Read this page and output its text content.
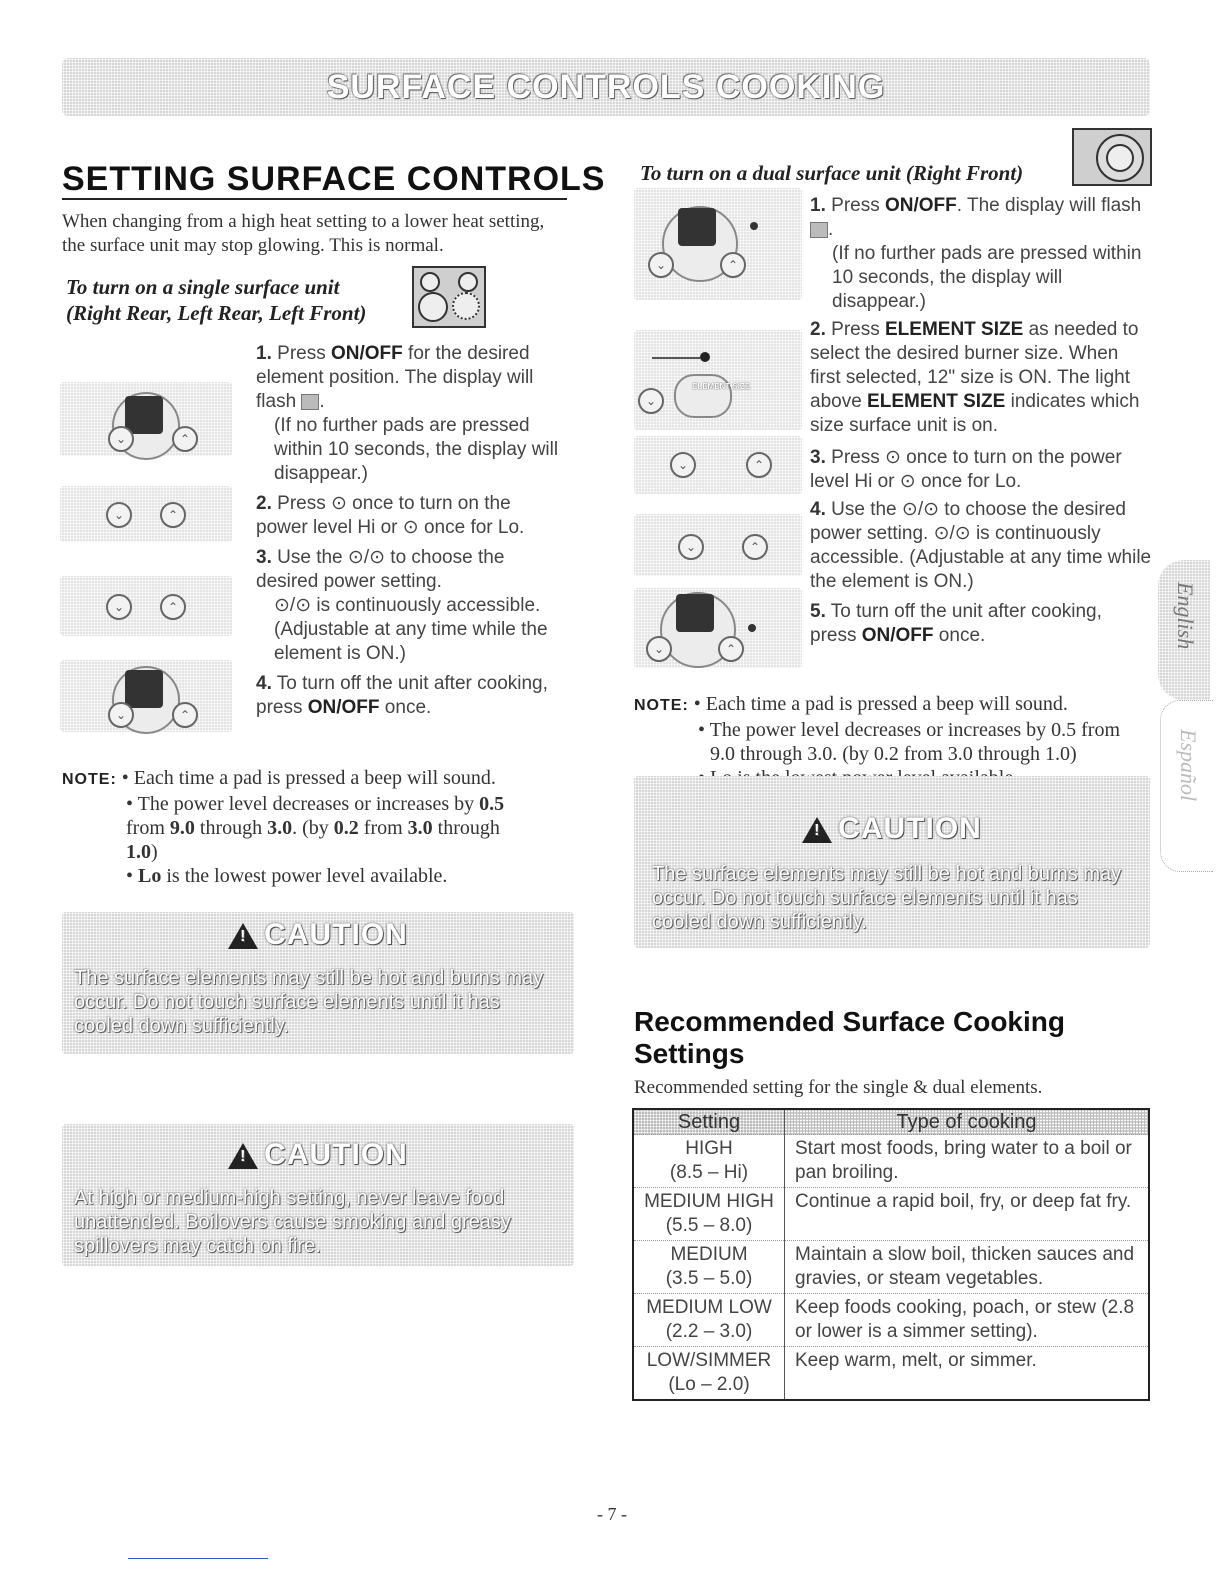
SURFACE CONTROLS COOKING
SETTING SURFACE CONTROLS
When changing from a high heat setting to a lower heat setting, the surface unit may stop glowing. This is normal.
To turn on a single surface unit
(Right Rear, Left Rear, Left Front)
⌄	⌃
⌄	⌃
⌄	⌃
⌄	⌃
1. Press ON/OFF for the desired element position. The display will flash .
(If no further pads are pressed within 10 seconds, the display will disappear.)
2. Press ⊙ once to turn on the power level Hi or ⊙ once for Lo.
3. Use the ⊙/⊙ to choose the desired power setting.
⊙/⊙ is continuously accessible. (Adjustable at any time while the element is ON.)
4. To turn off the unit after cooking, press ON/OFF once.
NOTE: • Each time a pad is pressed a beep will sound.
• The power level decreases or increases by 0.5
from 9.0 through 3.0. (by 0.2 from 3.0 through
1.0)
• Lo is the lowest power level available.
! CAUTION
The surface elements may still be hot and burns may occur. Do not touch surface elements until it has cooled down sufficiently.
! CAUTION
At high or medium-high setting, never leave food unattended. Boilovers cause smoking and greasy spillovers may catch on fire.
To turn on a dual surface unit (Right Front)
⌄	⌃
ELEMENT SIZE
⌄
⌄	⌃
⌄	⌃
⌄	⌃
1. Press ON/OFF. The display will flash .
(If no further pads are pressed within 10 seconds, the display will disappear.)
2. Press ELEMENT SIZE as needed to select the desired burner size. When first selected, 12" size is ON. The light above ELEMENT SIZE indicates which size surface unit is on.
3. Press ⊙ once to turn on the power level Hi or ⊙ once for Lo.
4. Use the ⊙/⊙ to choose the desired power setting. ⊙/⊙ is continuously accessible. (Adjustable at any time while the element is ON.)
5. To turn off the unit after cooking, press ON/OFF once.
NOTE: • Each time a pad is pressed a beep will sound.
• The power level decreases or increases by 0.5 from
9.0 through 3.0. (by 0.2 from 3.0 through 1.0)
! CAUTION
The surface elements may still be hot and burns may occur. Do not touch surface elements until it has cooled down sufficiently.
Recommended Surface Cooking
Settings
Recommended setting for the single & dual elements.
Setting	Type of cooking

HIGH
(8.5 – Hi)	Start most foods, bring water to a boil or pan broiling.

MEDIUM HIGH
(5.5 – 8.0)	Continue a rapid boil, fry, or deep fat fry.

MEDIUM
(3.5 – 5.0)	Maintain a slow boil, thicken sauces and gravies, or steam vegetables.

MEDIUM LOW
(2.2 – 3.0)	Keep foods cooking, poach, or stew (2.8 or lower is a simmer setting).

LOW/SIMMER
(Lo – 2.0)	Keep warm, melt, or simmer.
English
Español
- 7 -
